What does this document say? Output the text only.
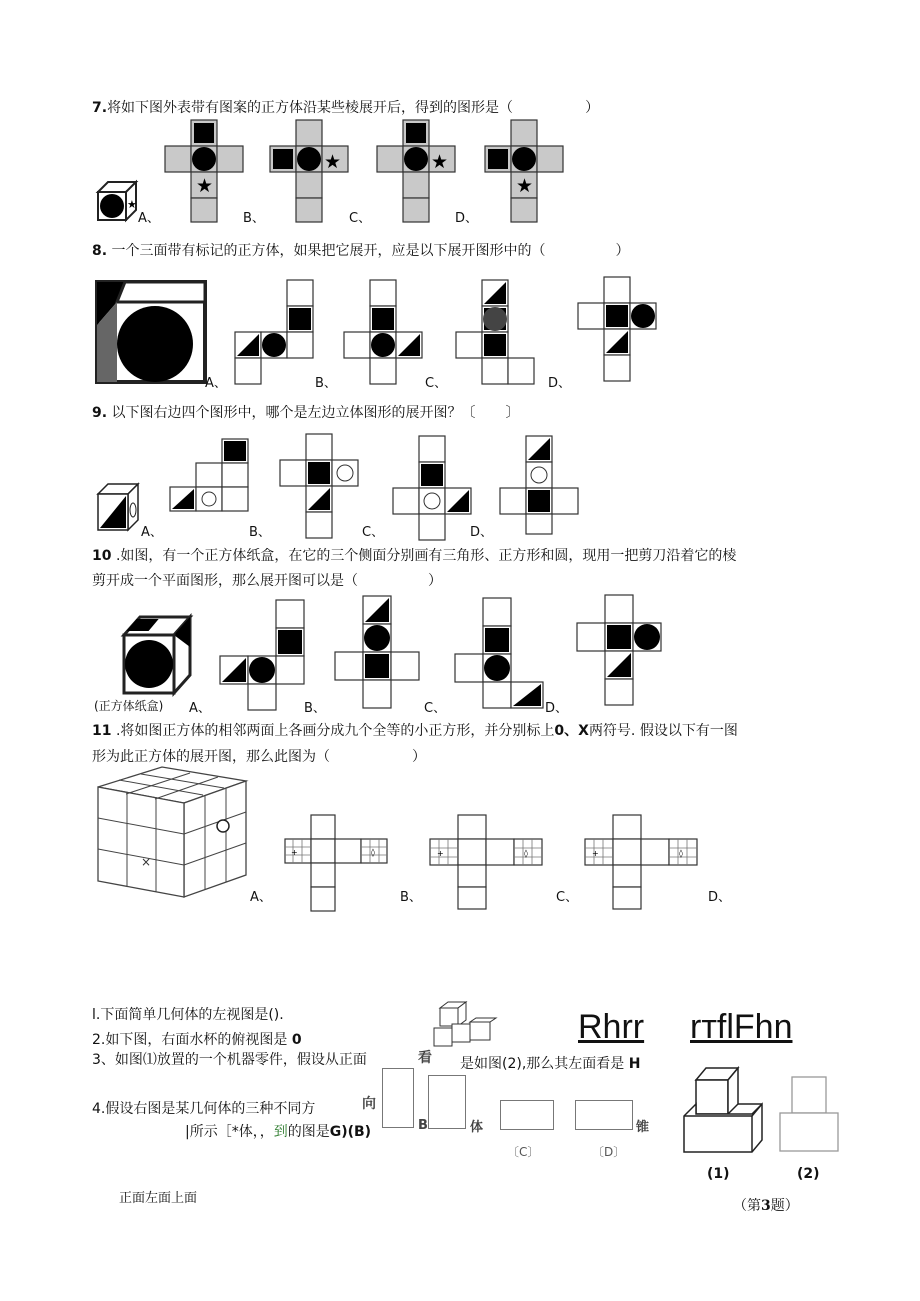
7.将如下图外表带有图案的正方体沿某些棱展开后，得到的图形是（	）
★
A、
★
B、
★
C、
★
D、
★
8. 一个三面带有标记的正方体，如果把它展开，应是以下展开图形中的（	）
A、	B、	C、	D、
9. 以下图右边四个图形中，哪个是左边立体图形的展开图？〔 〕
A、	B、	C、	D、
10 .如图，有一个正方体纸盒，在它的三个侧面分别画有三角形、正方形和圆，现用一把剪刀沿着它的棱
剪开成一个平面图形，那么展开图可以是（	）
(正方体纸盒) A、	B、	C、	D、
11 .将如图正方体的相邻两面上各画分成九个全等的小正方形，并分别标上0、X两符号. 假设以下有一图
形为此正方体的展开图，那么此图为（	）
×
A、
+	◊
B、
+	◊
C、
+	◊
D、
l.下面简单几何体的左视图是().	Rhrr rтflFhn
2.如下图，右面水杯的俯视图是 0
3、如图⑴放置的一个机器零件，假设从正面	看 是如图(2),那么其左面看是 H
4.假设右图是某几何体的三种不同方	向
|所示［*体，，到的图是G)(B)	B	体	锥
〔C〕	〔D〕
(1)	(2)
（第3题）
正面左面上面
